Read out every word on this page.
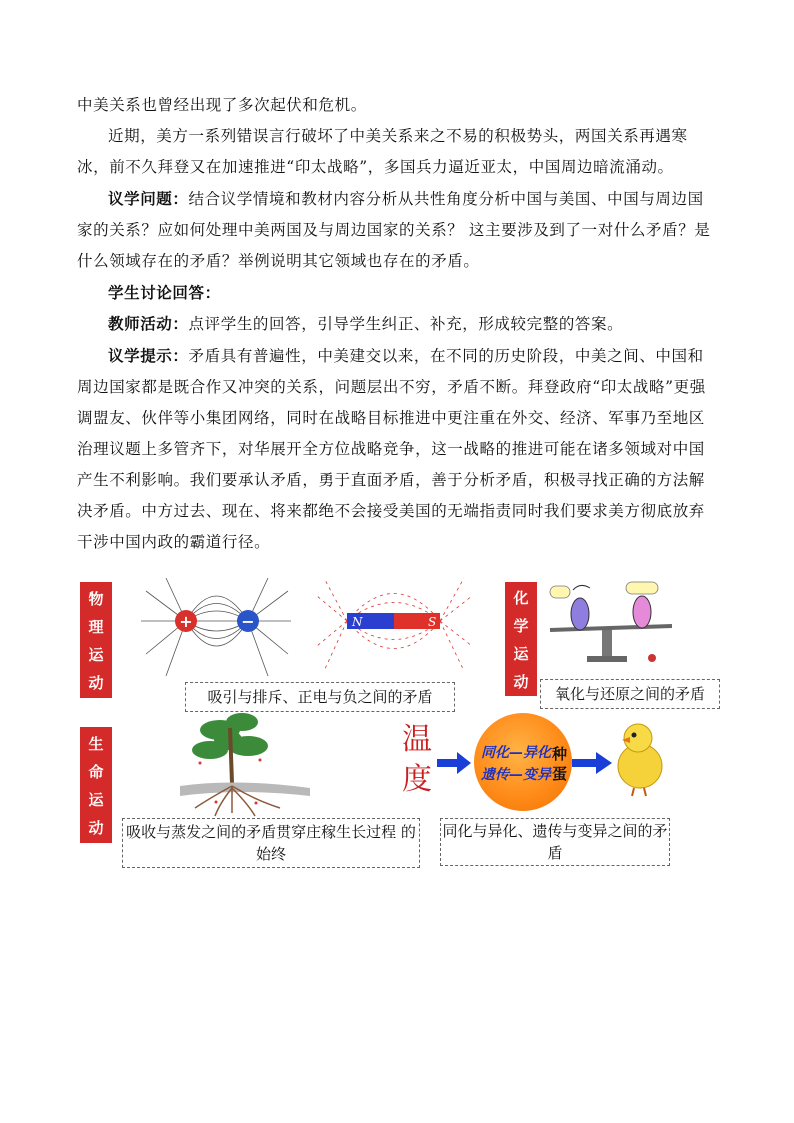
中美关系也曾经出现了多次起伏和危机。
近期，美方一系列错误言行破坏了中美关系来之不易的积极势头，两国关系再遇寒冰，前不久拜登又在加速推进“印太战略”，多国兵力逼近亚太，中国周边暗流涌动。
议学问题：结合议学情境和教材内容分析从共性角度分析中国与美国、中国与周边国家的关系？应如何处理中美两国及与周边国家的关系？ 这主要涉及到了一对什么矛盾？是什么领域存在的矛盾？举例说明其它领域也存在的矛盾。
学生讨论回答：
教师活动：点评学生的回答，引导学生纠正、补充，形成较完整的答案。
议学提示：矛盾具有普遍性，中美建交以来，在不同的历史阶段，中美之间、中国和周边国家都是既合作又冲突的关系，问题层出不穷，矛盾不断。拜登政府“印太战略”更强调盟友、伙伴等小集团网络，同时在战略目标推进中更注重在外交、经济、军事乃至地区治理议题上多管齐下，对华展开全方位战略竞争，这一战略的推进可能在诸多领域对中国产生不利影响。我们要承认矛盾，勇于直面矛盾，善于分析矛盾，积极寻找正确的方法解决矛盾。中方过去、现在、将来都绝不会接受美国的无端指责同时我们要求美方彻底放弃干涉中国内政的霸道行径。
物
理
运
动
+	−	N	S
吸引与排斥、正电与负之间的矛盾
化
学
运
动
氧化与还原之间的矛盾
生
命
运
动 吸收与蒸发之间的矛盾贯穿庄稼生长过程 的始终
温度
同化—异化
遗传—变异
种蛋
同化与异化、遗传与变异之间的矛盾
